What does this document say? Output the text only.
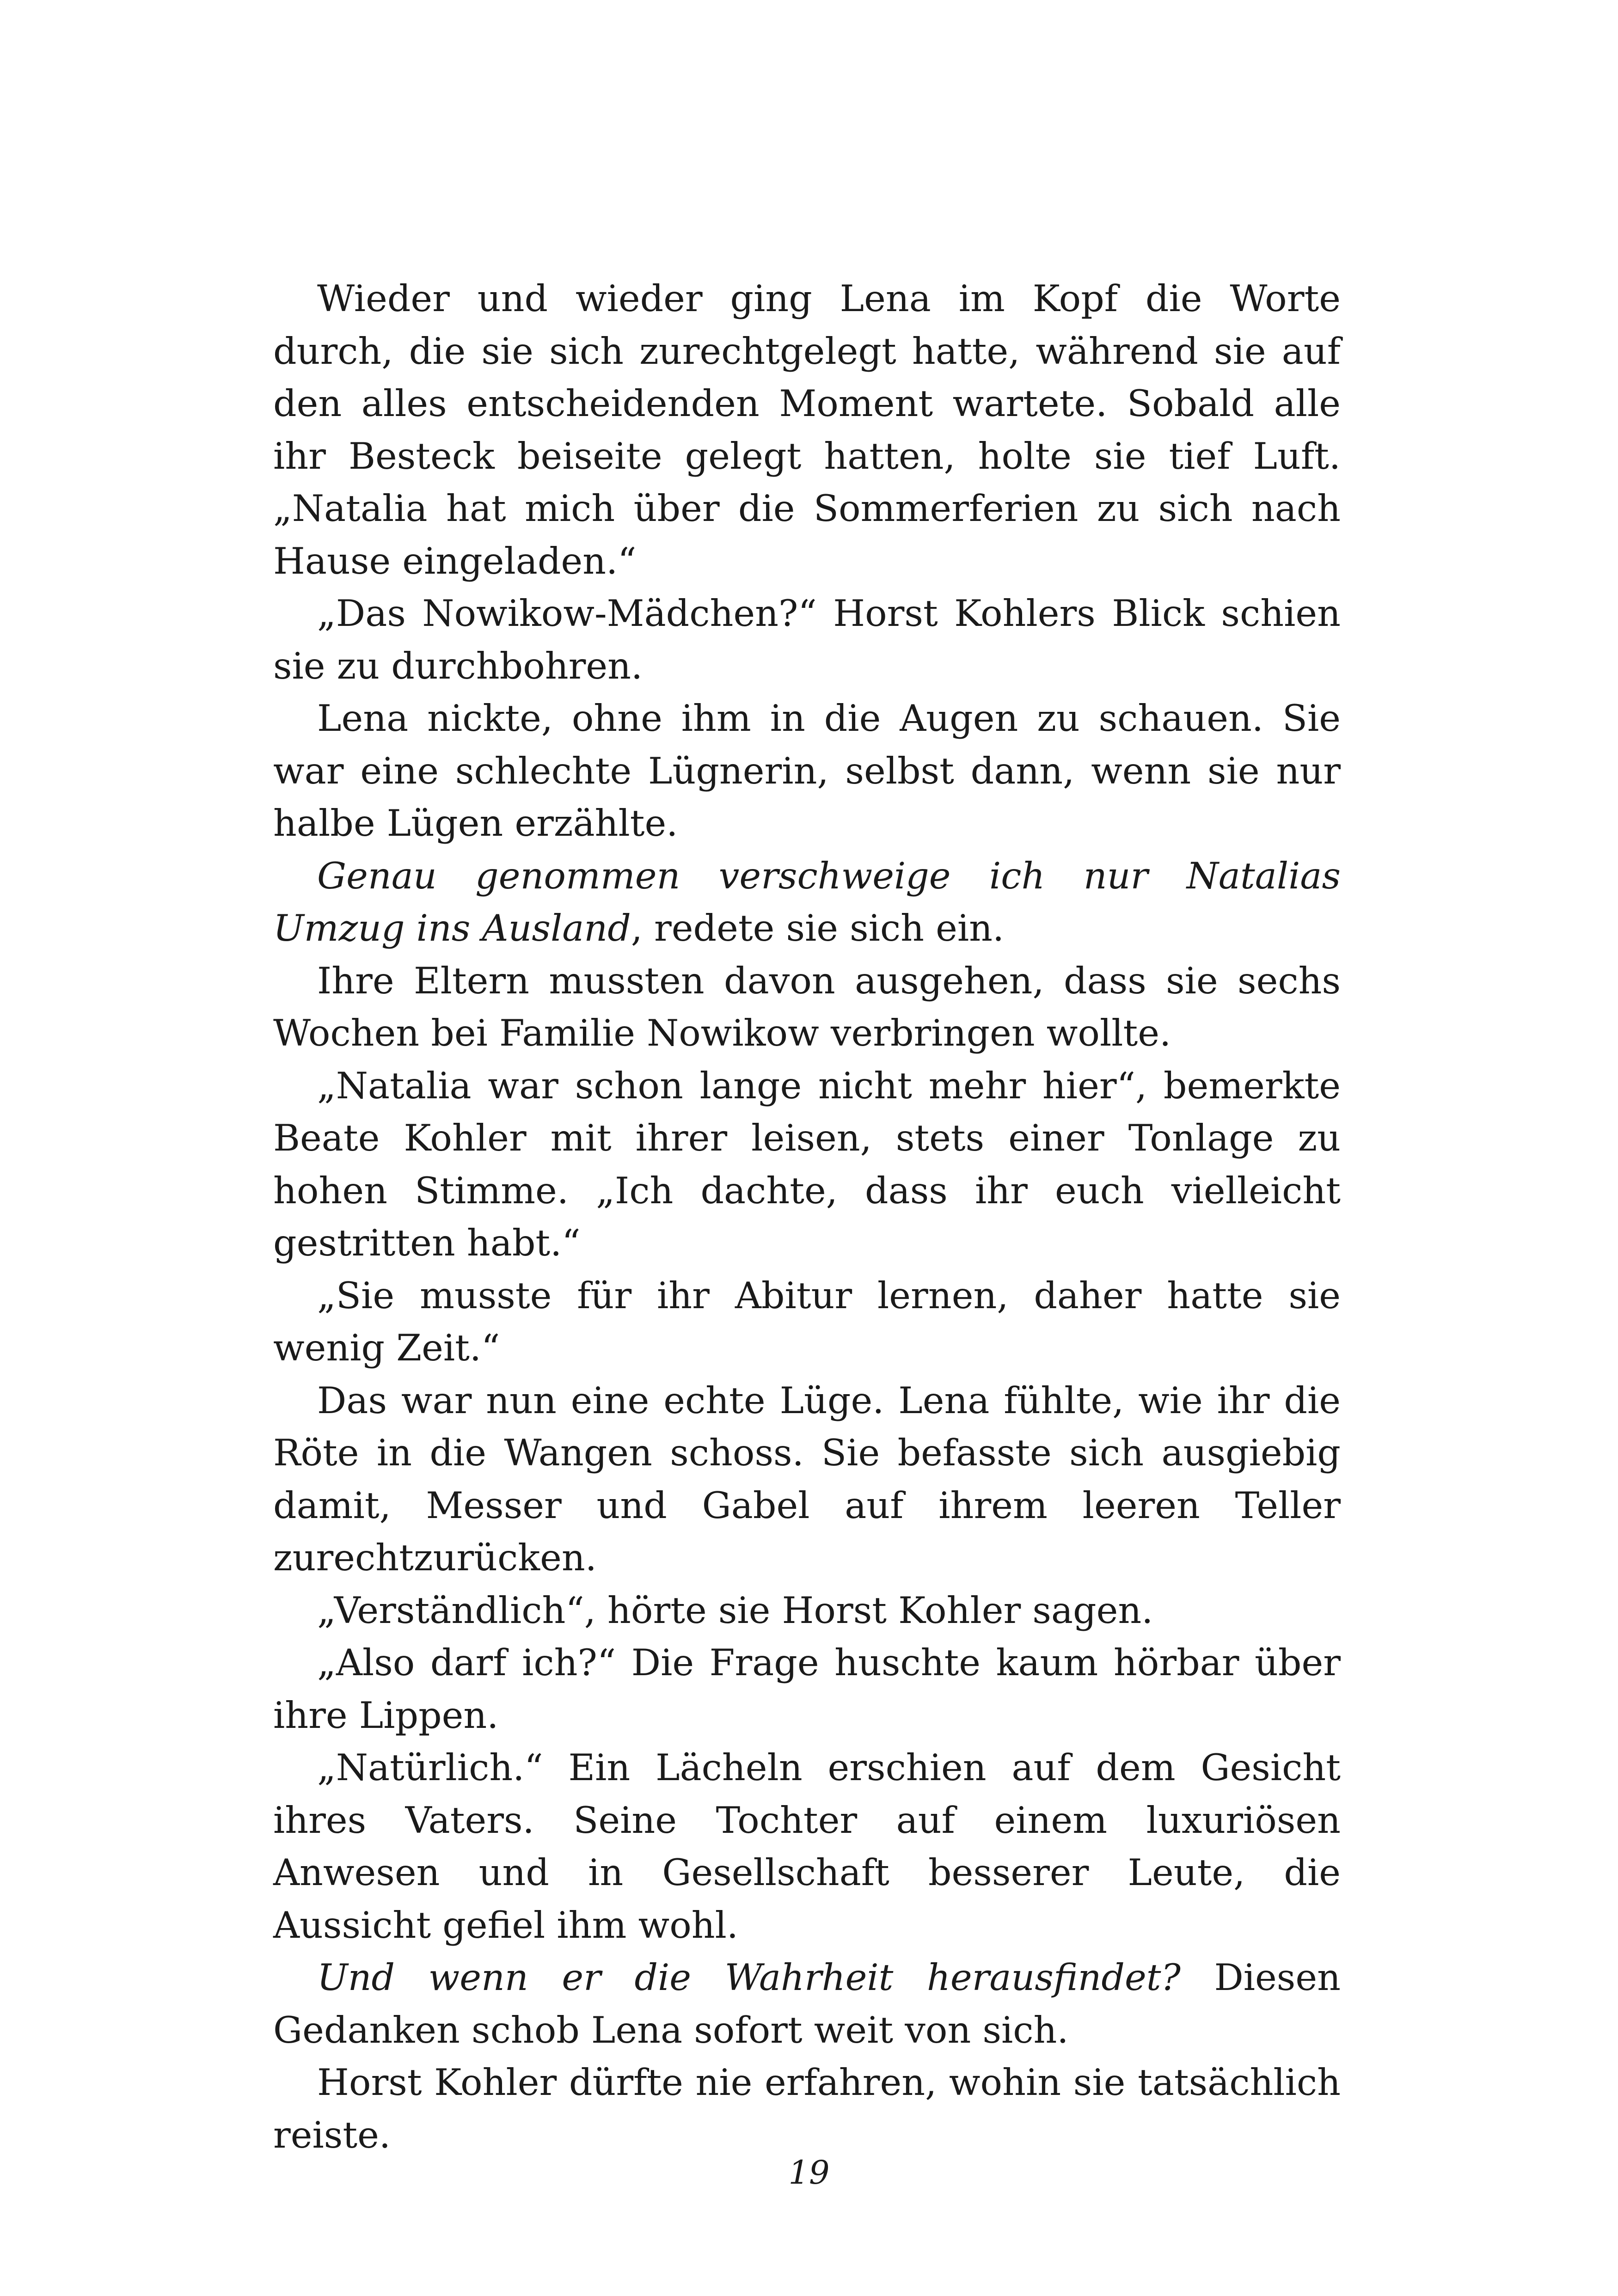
Wieder und wieder ging Lena im Kopf die Worte durch, die sie sich zurechtgelegt hatte, während sie auf den alles entscheidenden Moment wartete. Sobald alle ihr Besteck beiseite gelegt hatten, holte sie tief Luft. „Natalia hat mich über die Sommerferien zu sich nach Hause eingeladen.“

„Das Nowikow-Mädchen?“ Horst Kohlers Blick schien sie zu durchbohren.

Lena nickte, ohne ihm in die Augen zu schauen. Sie war eine schlechte Lügnerin, selbst dann, wenn sie nur halbe Lügen erzählte.

Genau genommen verschweige ich nur Natalias Umzug ins Ausland, redete sie sich ein.

Ihre Eltern mussten davon ausgehen, dass sie sechs Wochen bei Familie Nowikow verbringen wollte.

„Natalia war schon lange nicht mehr hier“, bemerkte Beate Kohler mit ihrer leisen, stets einer Tonlage zu hohen Stimme. „Ich dachte, dass ihr euch vielleicht gestritten habt.“

„Sie musste für ihr Abitur lernen, daher hatte sie wenig Zeit.“

Das war nun eine echte Lüge. Lena fühlte, wie ihr die Röte in die Wangen schoss. Sie befasste sich ausgiebig damit, Messer und Gabel auf ihrem leeren Teller zurechtzurücken.

„Verständlich“, hörte sie Horst Kohler sagen.

„Also darf ich?“ Die Frage huschte kaum hörbar über ihre Lippen.

„Natürlich.“ Ein Lächeln erschien auf dem Gesicht ihres Vaters. Seine Tochter auf einem luxuriösen Anwesen und in Gesellschaft besserer Leute, die Aussicht gefiel ihm wohl.

Und wenn er die Wahrheit herausfindet? Diesen Gedanken schob Lena sofort weit von sich.

Horst Kohler dürfte nie erfahren, wohin sie tatsächlich reiste.

19
